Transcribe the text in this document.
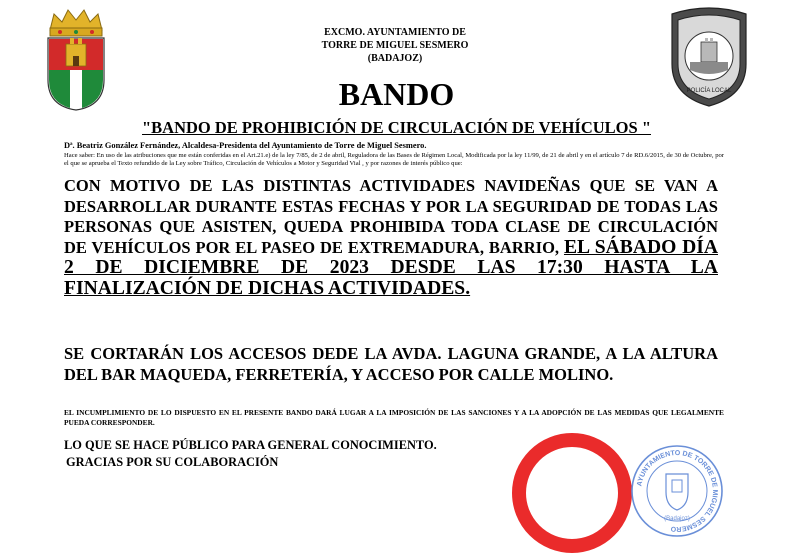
POLICÍA LOCAL
EXCMO. AYUNTAMIENTO DE
TORRE DE MIGUEL SESMERO
(BADAJOZ)
BANDO
"BANDO DE PROHIBICIÓN DE CIRCULACIÓN DE VEHÍCULOS "
Dª. Beatriz González Fernández, Alcaldesa-Presidenta del Ayuntamiento de Torre de Miguel Sesmero.
Hace saber: En uso de las atribuciones que me están conferidas en el Art.21.e) de la ley 7/85, de 2 de abril, Reguladora de las Bases de Régimen Local, Modificada por la ley 11/99, de 21 de abril y en el artículo 7 de RD.6/2015, de 30 de Octubre, por el que se aprueba el Texto refundido de la Ley sobre Tráfico, Circulación de Vehículos a Motor y Seguridad Vial , y por razones de interés público que:
CON MOTIVO DE LAS DISTINTAS ACTIVIDADES NAVIDEÑAS QUE SE VAN A DESARROLLAR DURANTE ESTAS FECHAS Y POR LA SEGURIDAD DE TODAS LAS PERSONAS QUE ASISTEN, QUEDA PROHIBIDA TODA CLASE DE CIRCULACIÓN DE VEHÍCULOS POR EL PASEO DE EXTREMADURA, BARRIO, EL SÁBADO DÍA 2 DE DICIEMBRE DE 2023 DESDE LAS 17:30 HASTA LA FINALIZACIÓN DE DICHAS ACTIVIDADES.
SE CORTARÁN LOS ACCESOS DEDE LA AVDA. LAGUNA GRANDE, A LA ALTURA DEL BAR MAQUEDA, FERRETERÍA, Y ACCESO POR CALLE MOLINO.
EL INCUMPLIMIENTO DE LO DISPUESTO EN EL PRESENTE BANDO DARÁ LUGAR A LA IMPOSICIÓN DE LAS SANCIONES Y A LA ADOPCIÓN DE LAS MEDIDAS QUE LEGALMENTE PUEDA CORRESPONDER.
LO QUE SE HACE PÚBLICO PARA GENERAL CONOCIMIENTO.
GRACIAS POR SU COLABORACIÓN
AYUNTAMIENTO DE TORRE DE MIGUEL SESMERO
(Badajoz)
